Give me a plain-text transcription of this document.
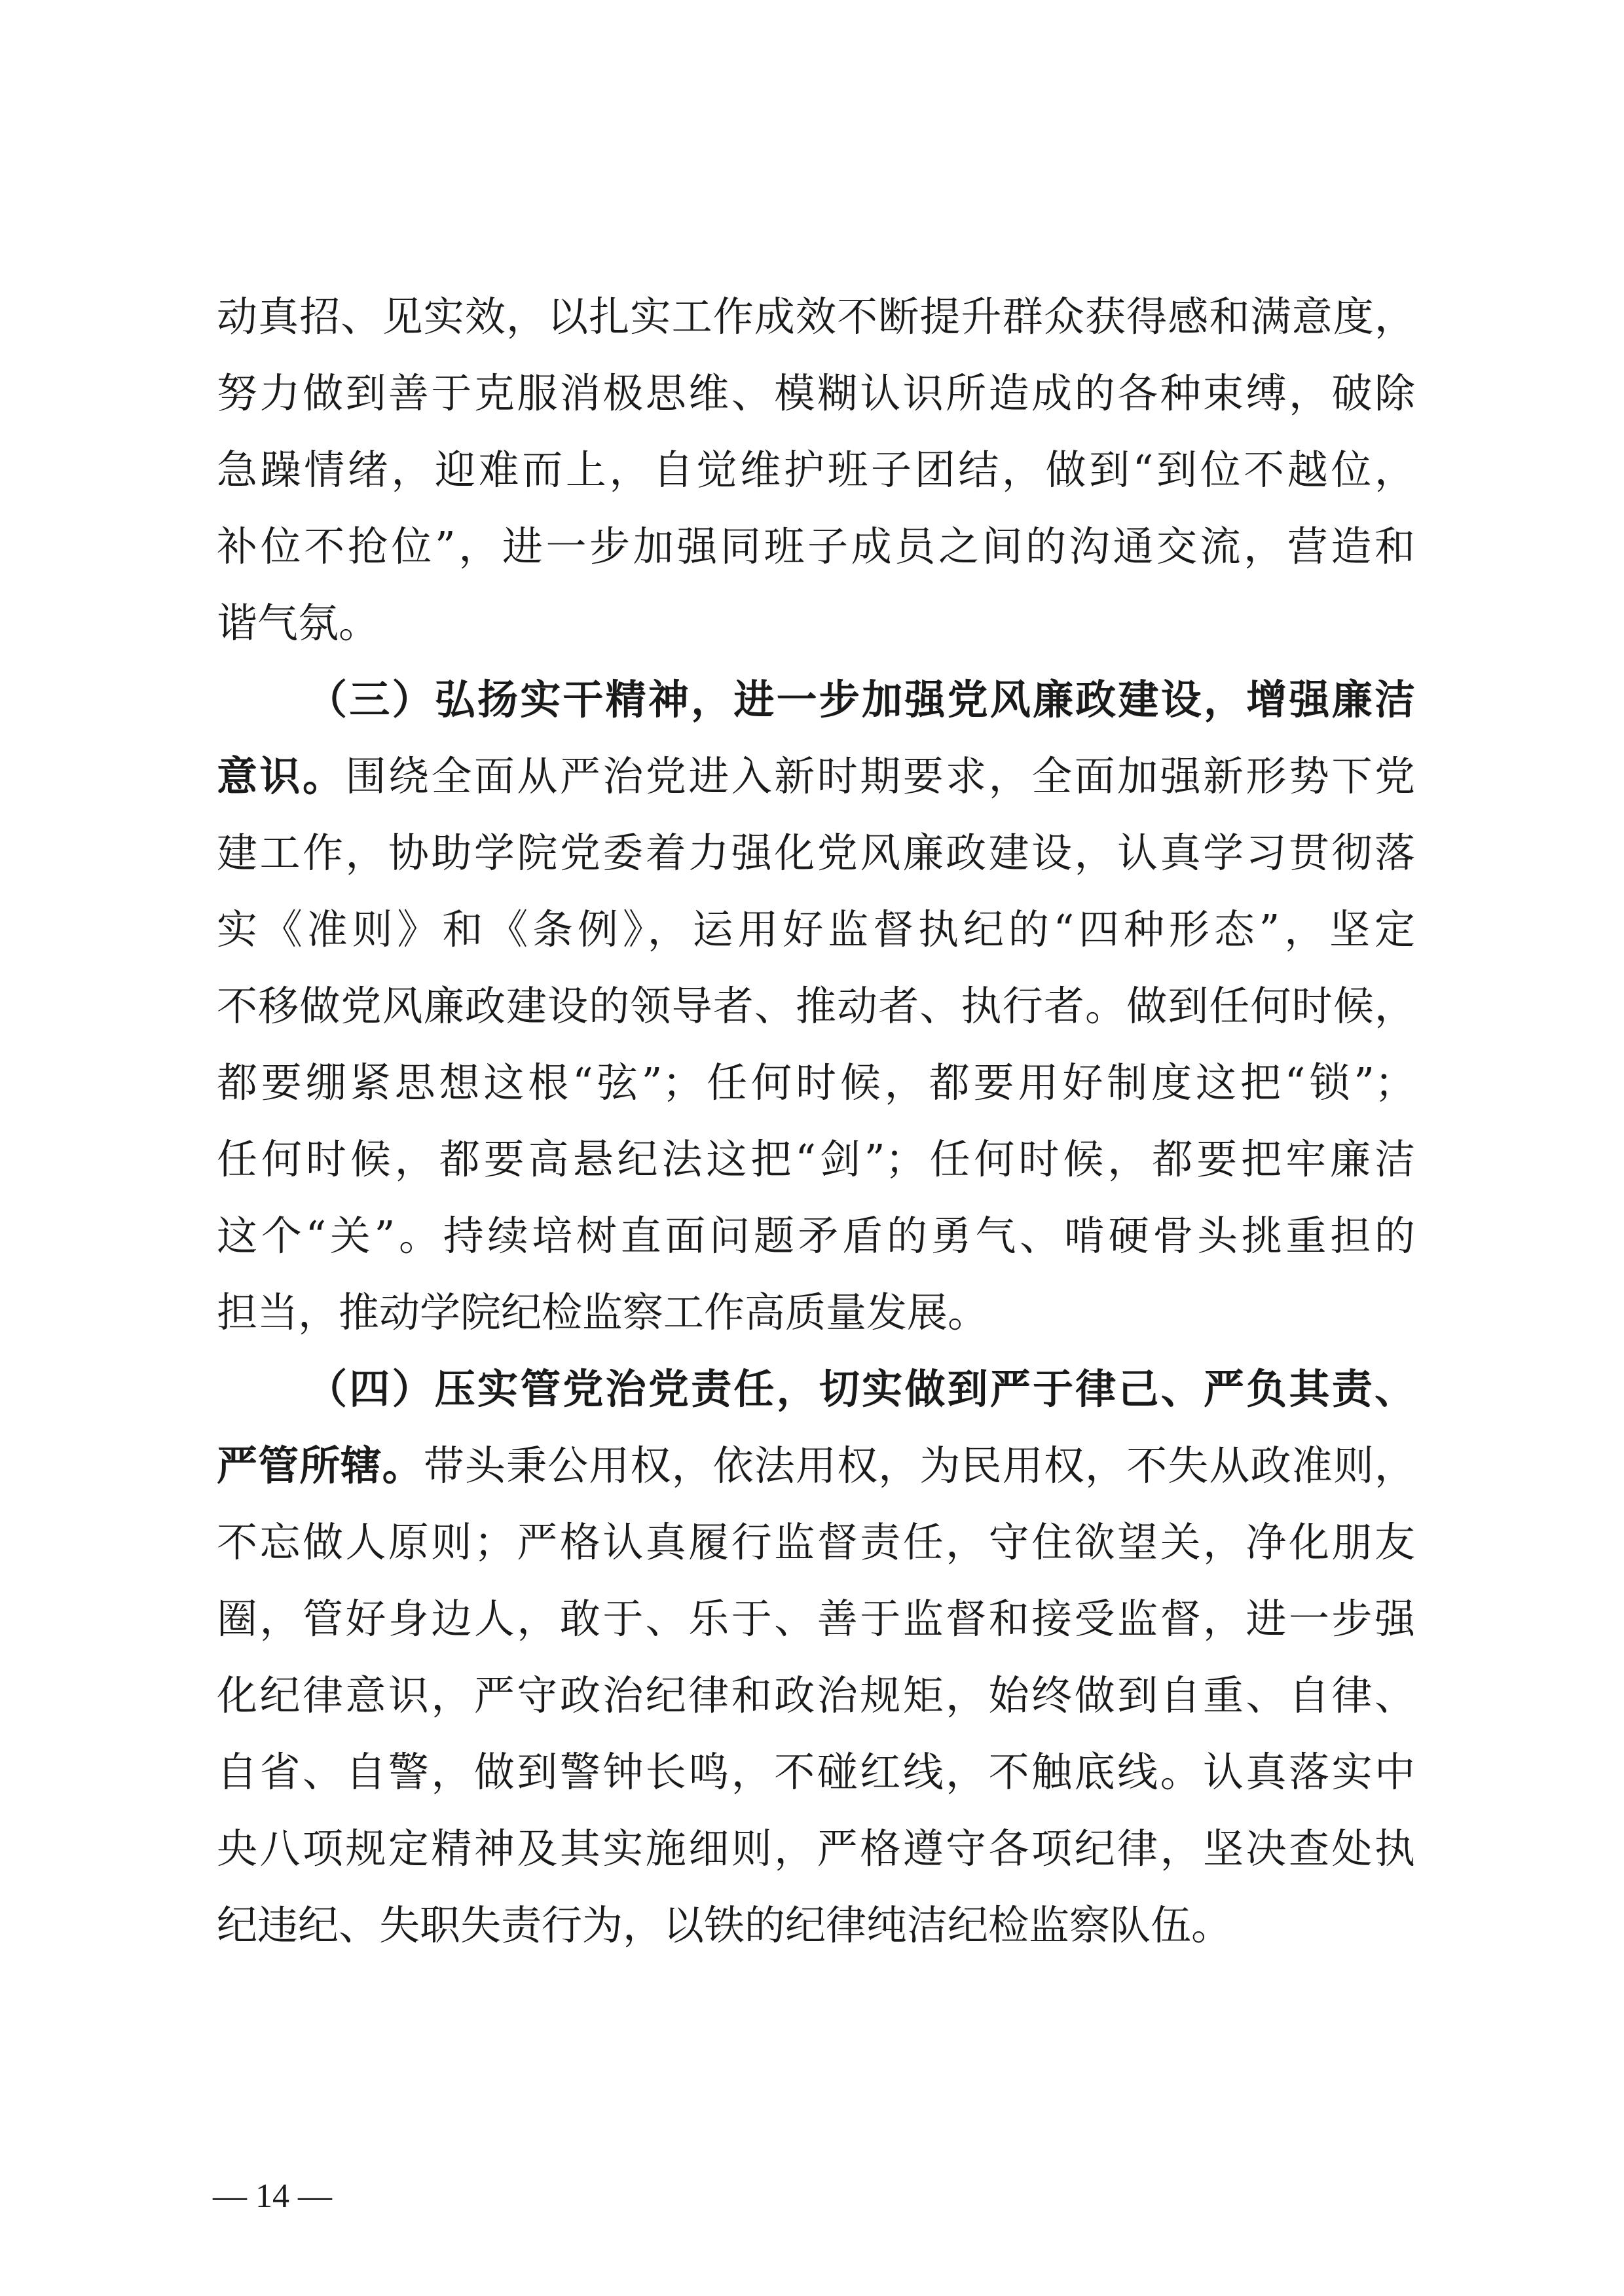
动真招、见实效，以扎实工作成效不断提升群众获得感和满意度，
努力做到善于克服消极思维、模糊认识所造成的各种束缚，破除
急躁情绪，迎难而上，自觉维护班子团结，做到“到位不越位，
补位不抢位”，进一步加强同班子成员之间的沟通交流，营造和
谐气氛。
（三）弘扬实干精神，进一步加强党风廉政建设，增强廉洁
意识。围绕全面从严治党进入新时期要求，全面加强新形势下党
建工作，协助学院党委着力强化党风廉政建设，认真学习贯彻落
实《准则》和《条例》，运用好监督执纪的“四种形态”，坚定
不移做党风廉政建设的领导者、推动者、执行者。做到任何时候，
都要绷紧思想这根“弦”；任何时候，都要用好制度这把“锁”；
任何时候，都要高悬纪法这把“剑”；任何时候，都要把牢廉洁
这个“关”。持续培树直面问题矛盾的勇气、啃硬骨头挑重担的
担当，推动学院纪检监察工作高质量发展。
（四）压实管党治党责任，切实做到严于律己、严负其责、
严管所辖。带头秉公用权，依法用权，为民用权，不失从政准则，
不忘做人原则；严格认真履行监督责任，守住欲望关，净化朋友
圈，管好身边人，敢于、乐于、善于监督和接受监督，进一步强
化纪律意识，严守政治纪律和政治规矩，始终做到自重、自律、
自省、自警，做到警钟长鸣，不碰红线，不触底线。认真落实中
央八项规定精神及其实施细则，严格遵守各项纪律，坚决查处执
纪违纪、失职失责行为，以铁的纪律纯洁纪检监察队伍。
— 14 —
